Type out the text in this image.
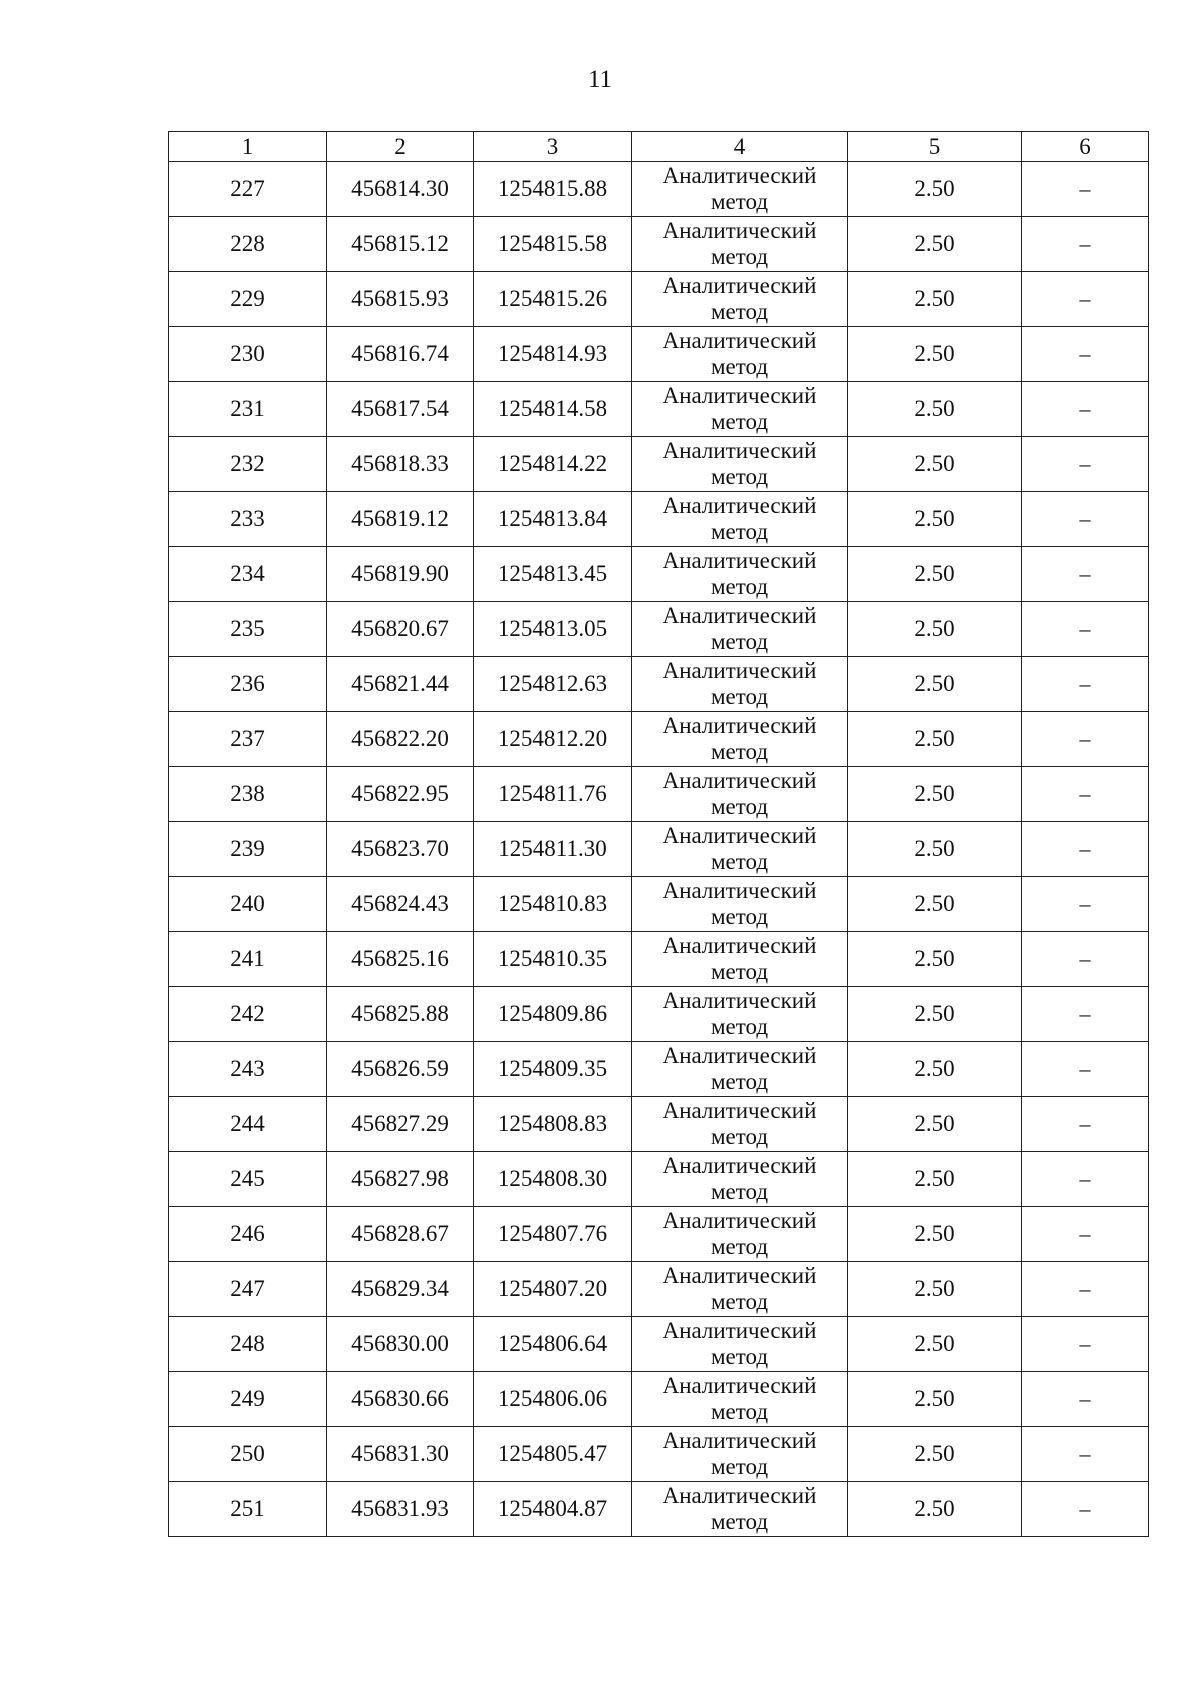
11
1	2	3	4	5	6
227	456814.30	1254815.88	Аналитический
метод	2.50	–
228	456815.12	1254815.58	Аналитический
метод	2.50	–
229	456815.93	1254815.26	Аналитический
метод	2.50	–
230	456816.74	1254814.93	Аналитический
метод	2.50	–
231	456817.54	1254814.58	Аналитический
метод	2.50	–
232	456818.33	1254814.22	Аналитический
метод	2.50	–
233	456819.12	1254813.84	Аналитический
метод	2.50	–
234	456819.90	1254813.45	Аналитический
метод	2.50	–
235	456820.67	1254813.05	Аналитический
метод	2.50	–
236	456821.44	1254812.63	Аналитический
метод	2.50	–
237	456822.20	1254812.20	Аналитический
метод	2.50	–
238	456822.95	1254811.76	Аналитический
метод	2.50	–
239	456823.70	1254811.30	Аналитический
метод	2.50	–
240	456824.43	1254810.83	Аналитический
метод	2.50	–
241	456825.16	1254810.35	Аналитический
метод	2.50	–
242	456825.88	1254809.86	Аналитический
метод	2.50	–
243	456826.59	1254809.35	Аналитический
метод	2.50	–
244	456827.29	1254808.83	Аналитический
метод	2.50	–
245	456827.98	1254808.30	Аналитический
метод	2.50	–
246	456828.67	1254807.76	Аналитический
метод	2.50	–
247	456829.34	1254807.20	Аналитический
метод	2.50	–
248	456830.00	1254806.64	Аналитический
метод	2.50	–
249	456830.66	1254806.06	Аналитический
метод	2.50	–
250	456831.30	1254805.47	Аналитический
метод	2.50	–
251	456831.93	1254804.87	Аналитический
метод	2.50	–
